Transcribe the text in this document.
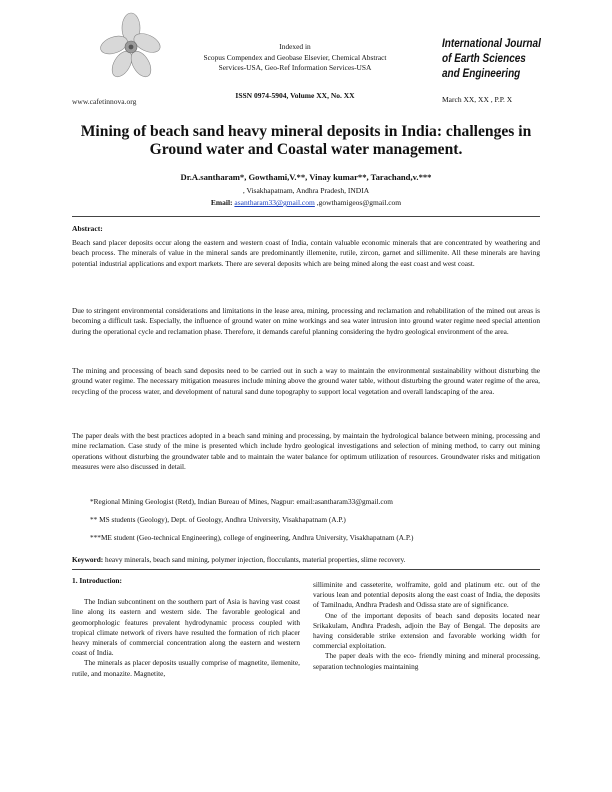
www.cafetinnova.org
Indexed in
Scopus Compendex and Geobase Elsevier, Chemical Abstract
Services-USA, Geo-Ref Information Services-USA
ISSN 0974-5904, Volume XX, No. XX
International Journal
of Earth Sciences
and Engineering
March XX, XX , P.P. X
Mining of beach sand heavy mineral deposits in India: challenges in
Ground water and Coastal water management.
Dr.A.santharam*, Gowthami,V.**, Vinay kumar**, Tarachand,v.***
, Visakhapatnam, Andhra Pradesh, INDIA
Email: asantharam33@gmail.com ,gowthamigeos@gmail.com
Abstract:
Beach sand placer deposits occur along the eastern and western coast of India, contain valuable economic minerals that are concentrated by weathering and beach process. The minerals of value in the mineral sands are predominantly illemenite, rutile, zircon, garnet and sillimenite. All these minerals are having potential industrial applications and export markets. There are several deposits which are being mined along the east coast and west coast.
Due to stringent environmental considerations and limitations in the lease area, mining, processing and reclamation and rehabilitation of the mined out areas is becoming a difficult task. Especially, the influence of ground water on mine workings and sea water intrusion into ground water regime need special attention during the operational cycle and reclamation phase. Therefore, it demands careful planning considering the hydro geological environment of the area.
The mining and processing of beach sand deposits need to be carried out in such a way to maintain the environmental sustainability without disturbing the ground water regime. The necessary mitigation measures include mining above the ground water table, without disturbing the ground water regime of the area, recycling of the process water, and development of natural sand dune topography to support local vegetation and overall landscaping of the area.
The paper deals with the best practices adopted in a beach sand mining and processing, by maintain the hydrological balance between mining, processing and mine reclamation. Case study of the mine is presented which include hydro geological investigations and selection of mining method, to carry out mining operations without disturbing the groundwater table and to maintain the water balance for optimum utilization of resources. Groundwater risks and mitigation measures were also discussed in detail.
*Regional Mining Geologist (Retd), Indian Bureau of Mines, Nagpur: email:asantharam33@gmail.com
** MS students (Geology), Dept. of Geology, Andhra University, Visakhapatnam (A.P.)
***ME student (Geo-technical Engineering), college of engineering, Andhra University, Visakhapatnam (A.P.)
Keyword: heavy minerals, beach sand mining, polymer injection, flocculants, material properties, slime recovery.
1. Introduction:

The Indian subcontinent on the southern part of Asia is having vast coast line along its eastern and western side. The favorable geological and geomorphologic features prevalent hydrodynamic process coupled with tropical climate network of rivers have resulted the formation of rich placer heavy minerals of commercial concentration along the eastern and western coast of India.

The minerals as placer deposits usually comprise of magnetite, ilemenite, rutile, and monazite. Magnetite,

silliminite and casseterite, wolframite, gold and platinum etc. out of the various lean and potential deposits along the east coast of India, the deposits of Tamilnadu, Andhra Pradesh and Odissa state are of significance.

One of the important deposits of beach sand deposits located near Srikakulam, Andhra Pradesh, adjoin the Bay of Bengal. The deposits are having considerable strike extension and favorable working width for commercial exploitation.

The paper deals with the eco- friendly mining and mineral processing, separation technologies maintaining
